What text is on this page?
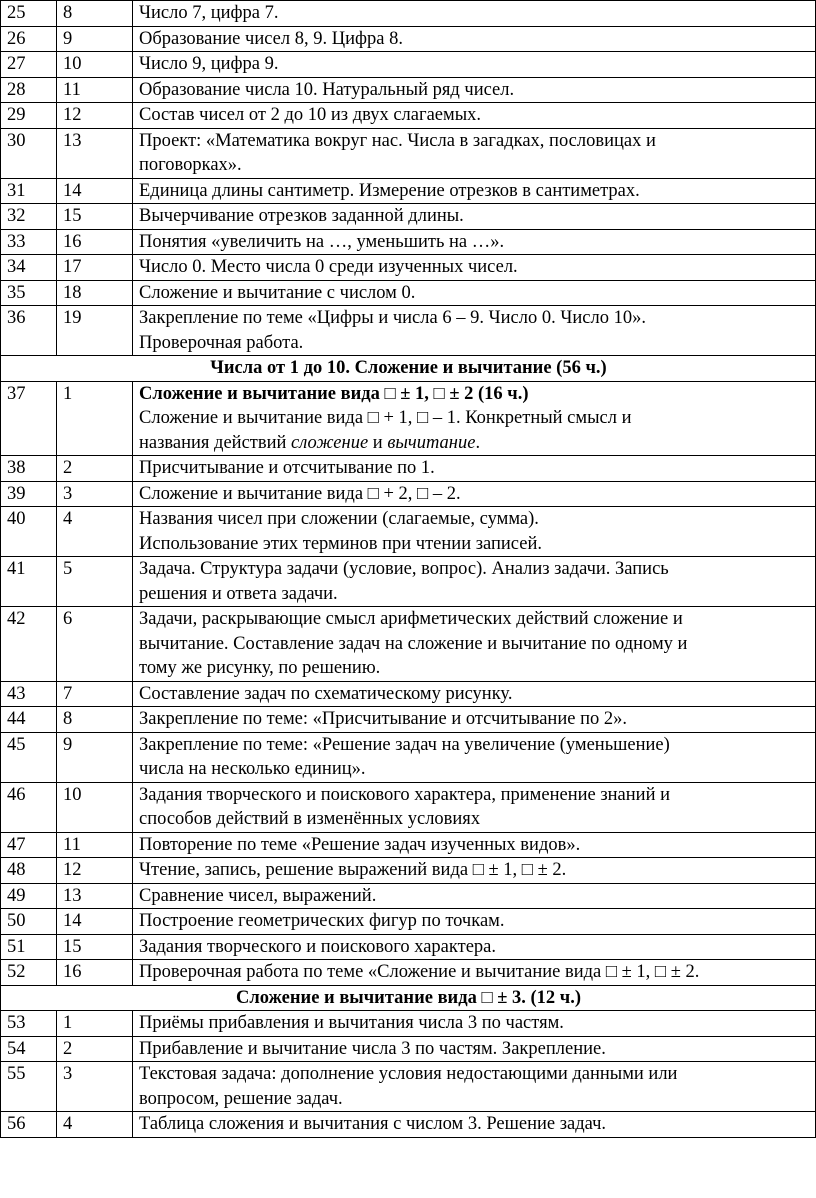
25	8	Число 7, цифра 7.

26	9	Образование чисел 8, 9. Цифра 8.

27	10	Число 9, цифра 9.

28	11	Образование числа 10. Натуральный ряд чисел.

29	12	Состав чисел от 2 до 10 из двух слагаемых.

30	13	Проект: «Математика вокруг нас. Числа в загадках, пословицах и
поговорках».

31	14	Единица длины сантиметр. Измерение отрезков в сантиметрах.

32	15	Вычерчивание отрезков заданной длины.

33	16	Понятия «увеличить на …, уменьшить на …».

34	17	Число 0. Место числа 0 среди изученных чисел.

35	18	Сложение и вычитание с числом 0.

36	19	Закрепление по теме «Цифры и числа 6 – 9. Число 0. Число 10».
Проверочная работа.

Числа от 1 до 10. Сложение и вычитание (56 ч.)		
37	1	Сложение и вычитание вида □ ± 1, □ ± 2 (16 ч.)
Сложение и вычитание вида □ + 1, □ – 1. Конкретный смысл и
названия действий сложение и вычитание.

38	2	Присчитывание и отсчитывание по 1.

39	3	Сложение и вычитание вида □ + 2, □ – 2.

40	4	Названия чисел при сложении (слагаемые, сумма).
Использование этих терминов при чтении записей.

41	5	Задача. Структура задачи (условие, вопрос). Анализ задачи. Запись
решения и ответа задачи.

42	6	Задачи, раскрывающие смысл арифметических действий сложение и
вычитание. Составление задач на сложение и вычитание по одному и
тому же рисунку, по решению.

43	7	Составление задач по схематическому рисунку.

44	8	Закрепление по теме: «Присчитывание и отсчитывание по 2».

45	9	Закрепление по теме: «Решение задач на увеличение (уменьшение)
числа на несколько единиц».

46	10	Задания творческого и поискового характера, применение знаний и
способов действий в изменённых условиях

47	11	Повторение по теме «Решение задач изученных видов».

48	12	Чтение, запись, решение выражений вида □ ± 1, □ ± 2.

49	13	Сравнение чисел, выражений.

50	14	Построение геометрических фигур по точкам.

51	15	Задания творческого и поискового характера.

52	16	Проверочная работа по теме «Сложение и вычитание вида □ ± 1, □ ± 2.

Сложение и вычитание вида □ ± 3. (12 ч.)		
53	1	Приёмы прибавления и вычитания числа 3 по частям.

54	2	Прибавление и вычитание числа 3 по частям. Закрепление.

55	3	Текстовая задача: дополнение условия недостающими данными или
вопросом, решение задач.

56	4	Таблица сложения и вычитания с числом 3. Решение задач.
